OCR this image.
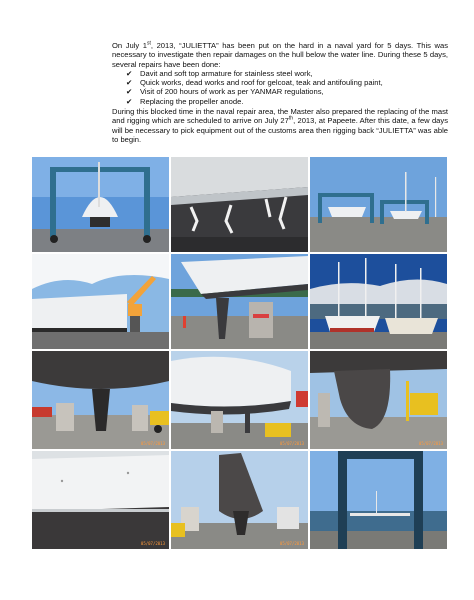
On July 1st, 2013, “JULIETTA” has been put on the hard in a naval yard for 5 days. This was necessary to investigate then repair damages on the hull below the water line. During these 5 days, several repairs have been done:

✔ Davit and soft top armature for stainless steel work,
✔ Quick works, dead works and roof for gelcoat, teak and antifouling paint,
✔ Visit of 200 hours of work as per YANMAR regulations,
✔ Replacing the propeller anode.

During this blocked time in the naval repair area, the Master also prepared the replacing of the mast and rigging which are scheduled to arrive on July 27th, 2013, at Papeete. After this date, a few days will be necessary to pick equipment out of the customs area then rigging back “JULIETTA” was able to begin.

05/07/2013	05/07/2013	05/07/2013
05/07/2013	05/07/2013
